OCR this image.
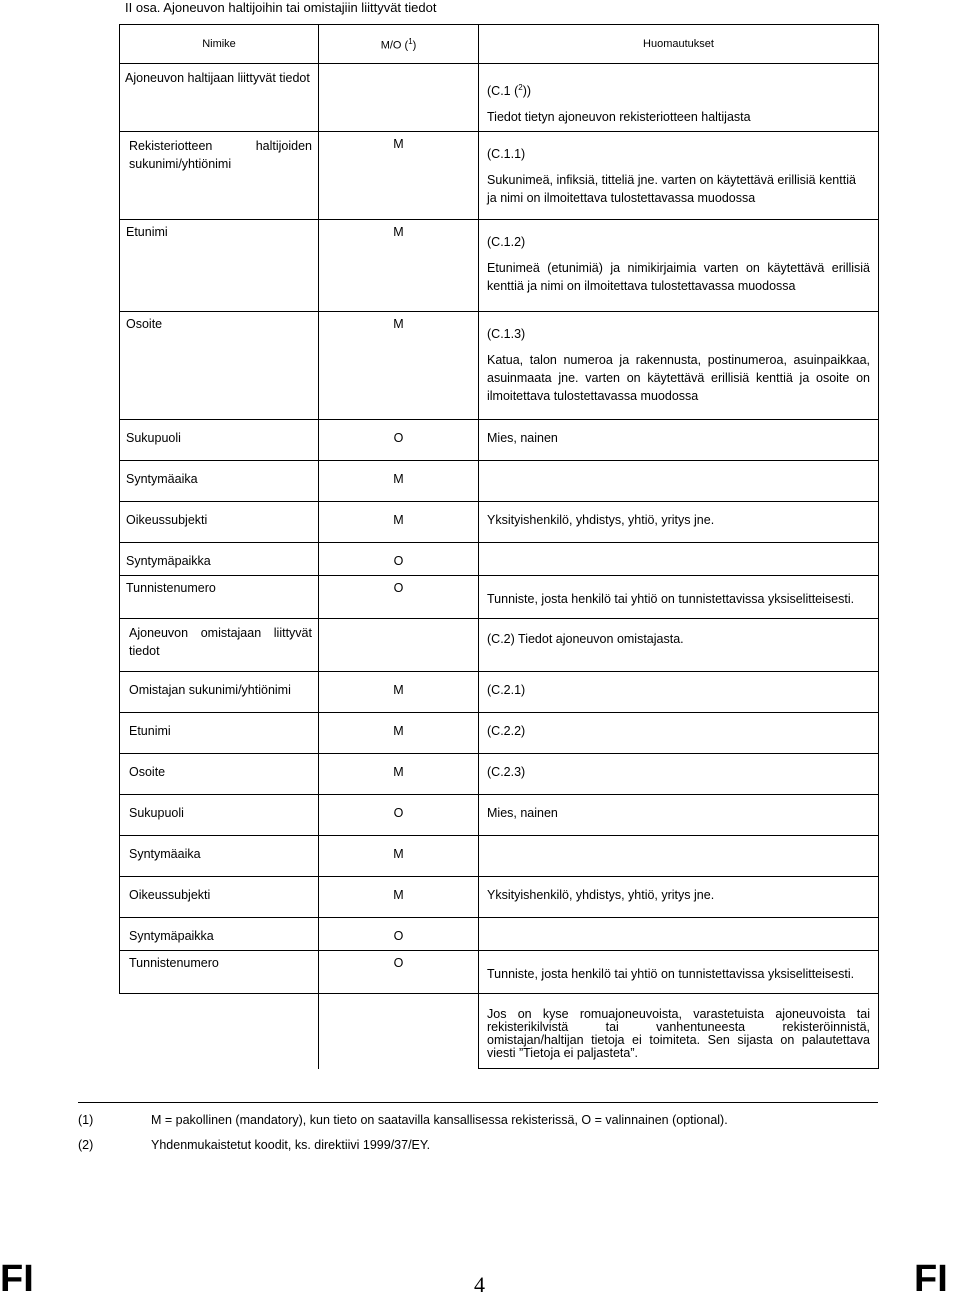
II osa. Ajoneuvon haltijoihin tai omistajiin liittyvät tiedot
Nimike	M/O ($^1$)	Huomautukset

Ajoneuvon haltijaan liittyvät tiedot		(C.1 ($^2$))
Tiedot tietyn ajoneuvon rekisteriotteen haltijasta

Rekisteriotteen haltijoiden
sukunimi/yhtiönimi	M	(C.1.1)
Sukunimeä, infiksiä, titteliä jne. varten on käytettävä erillisiä kenttiä
ja nimi on ilmoitettava tulostettavassa muodossa

Etunimi	M	(C.1.2)
Etunimeä (etunimiä) ja nimikirjaimia varten on käytettävä erillisiä
kenttiä ja nimi on ilmoitettava tulostettavassa muodossa

Osoite	M	(C.1.3)
Katua, talon numeroa ja rakennusta, postinumeroa, asuinpaikkaa,
asuinmaata jne. varten on käytettävä erillisiä kenttiä ja osoite on
ilmoitettava tulostettavassa muodossa

Sukupuoli	O	Mies, nainen
Syntymäaika	M	
Oikeussubjekti	M	Yksityishenkilö, yhdistys, yhtiö, yritys jne.
Syntymäpaikka	O	
Tunnistenumero	O	Tunniste, josta henkilö tai yhtiö on tunnistettavissa yksiselitteisesti.

Ajoneuvon omistajaan liittyvät
tiedot		(C.2) Tiedot ajoneuvon omistajasta.
Omistajan sukunimi/yhtiönimi	M	(C.2.1)
Etunimi	M	(C.2.2)
Osoite	M	(C.2.3)
Sukupuoli	O	Mies, nainen
Syntymäaika	M	
Oikeussubjekti	M	Yksityishenkilö, yhdistys, yhtiö, yritys jne.
Syntymäpaikka	O	
Tunnistenumero	O	Tunniste, josta henkilö tai yhtiö on tunnistettavissa yksiselitteisesti.

		Jos on kyse romuajoneuvoista, varastetuista ajoneuvoista tai
rekisterikilvistä tai vanhentuneesta rekisteröinnistä,
omistajan/haltijan tietoja ei toimiteta. Sen sijasta on palautettava
viesti ”Tietoja ei paljasteta”.
(1)	M = pakollinen (mandatory), kun tieto on saatavilla kansallisessa rekisterissä, O = valinnainen (optional).
(2)	Yhdenmukaistetut koodit, ks. direktiivi 1999/37/EY.
FI	4	FI
